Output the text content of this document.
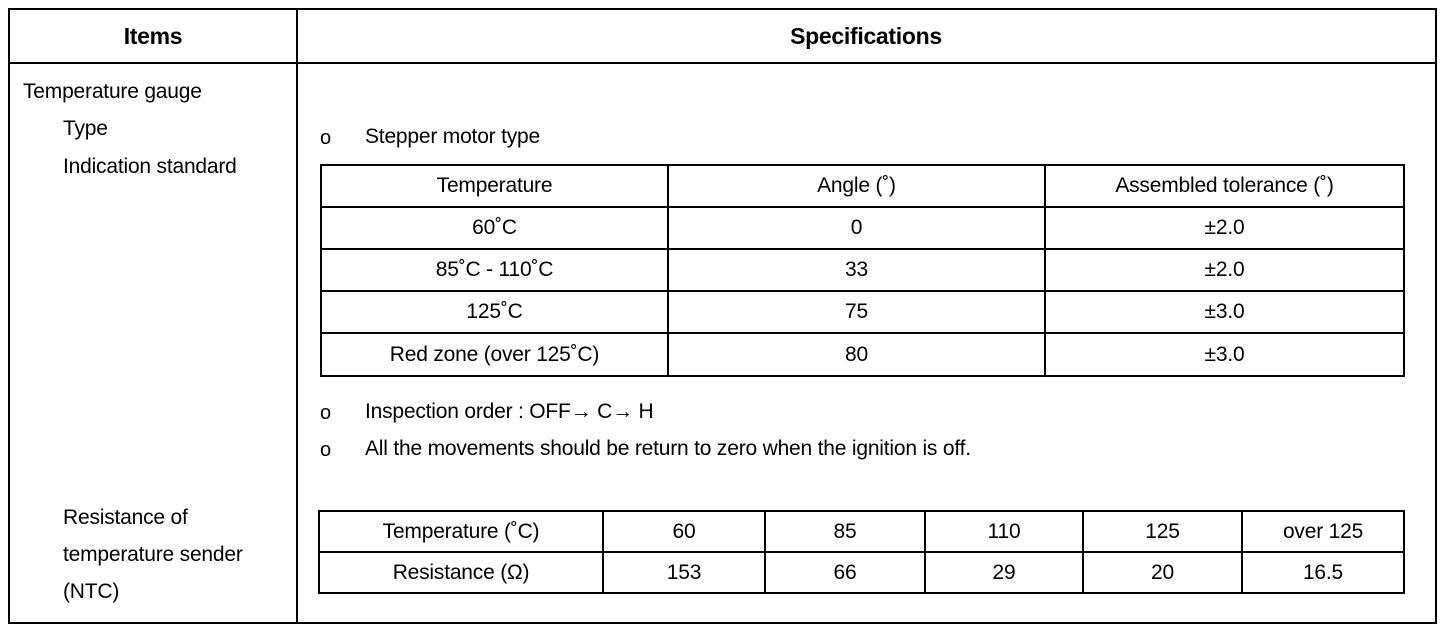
Items	Specifications
Temperature gauge
Type
Indication standard
Resistance of
temperature sender
(NTC)
o Stepper motor type
Temperature	Angle (˚)	Assembled tolerance (˚)
60˚C	0	±2.0
85˚C - 110˚C	33	±2.0
125˚C	75	±3.0
Red zone (over 125˚C)	80	±3.0
o Inspection order : OFF→ C→ H
o All the movements should be return to zero when the ignition is off.
Temperature (˚C)	60	85	110	125	over 125
Resistance (Ω)	153	66	29	20	16.5
